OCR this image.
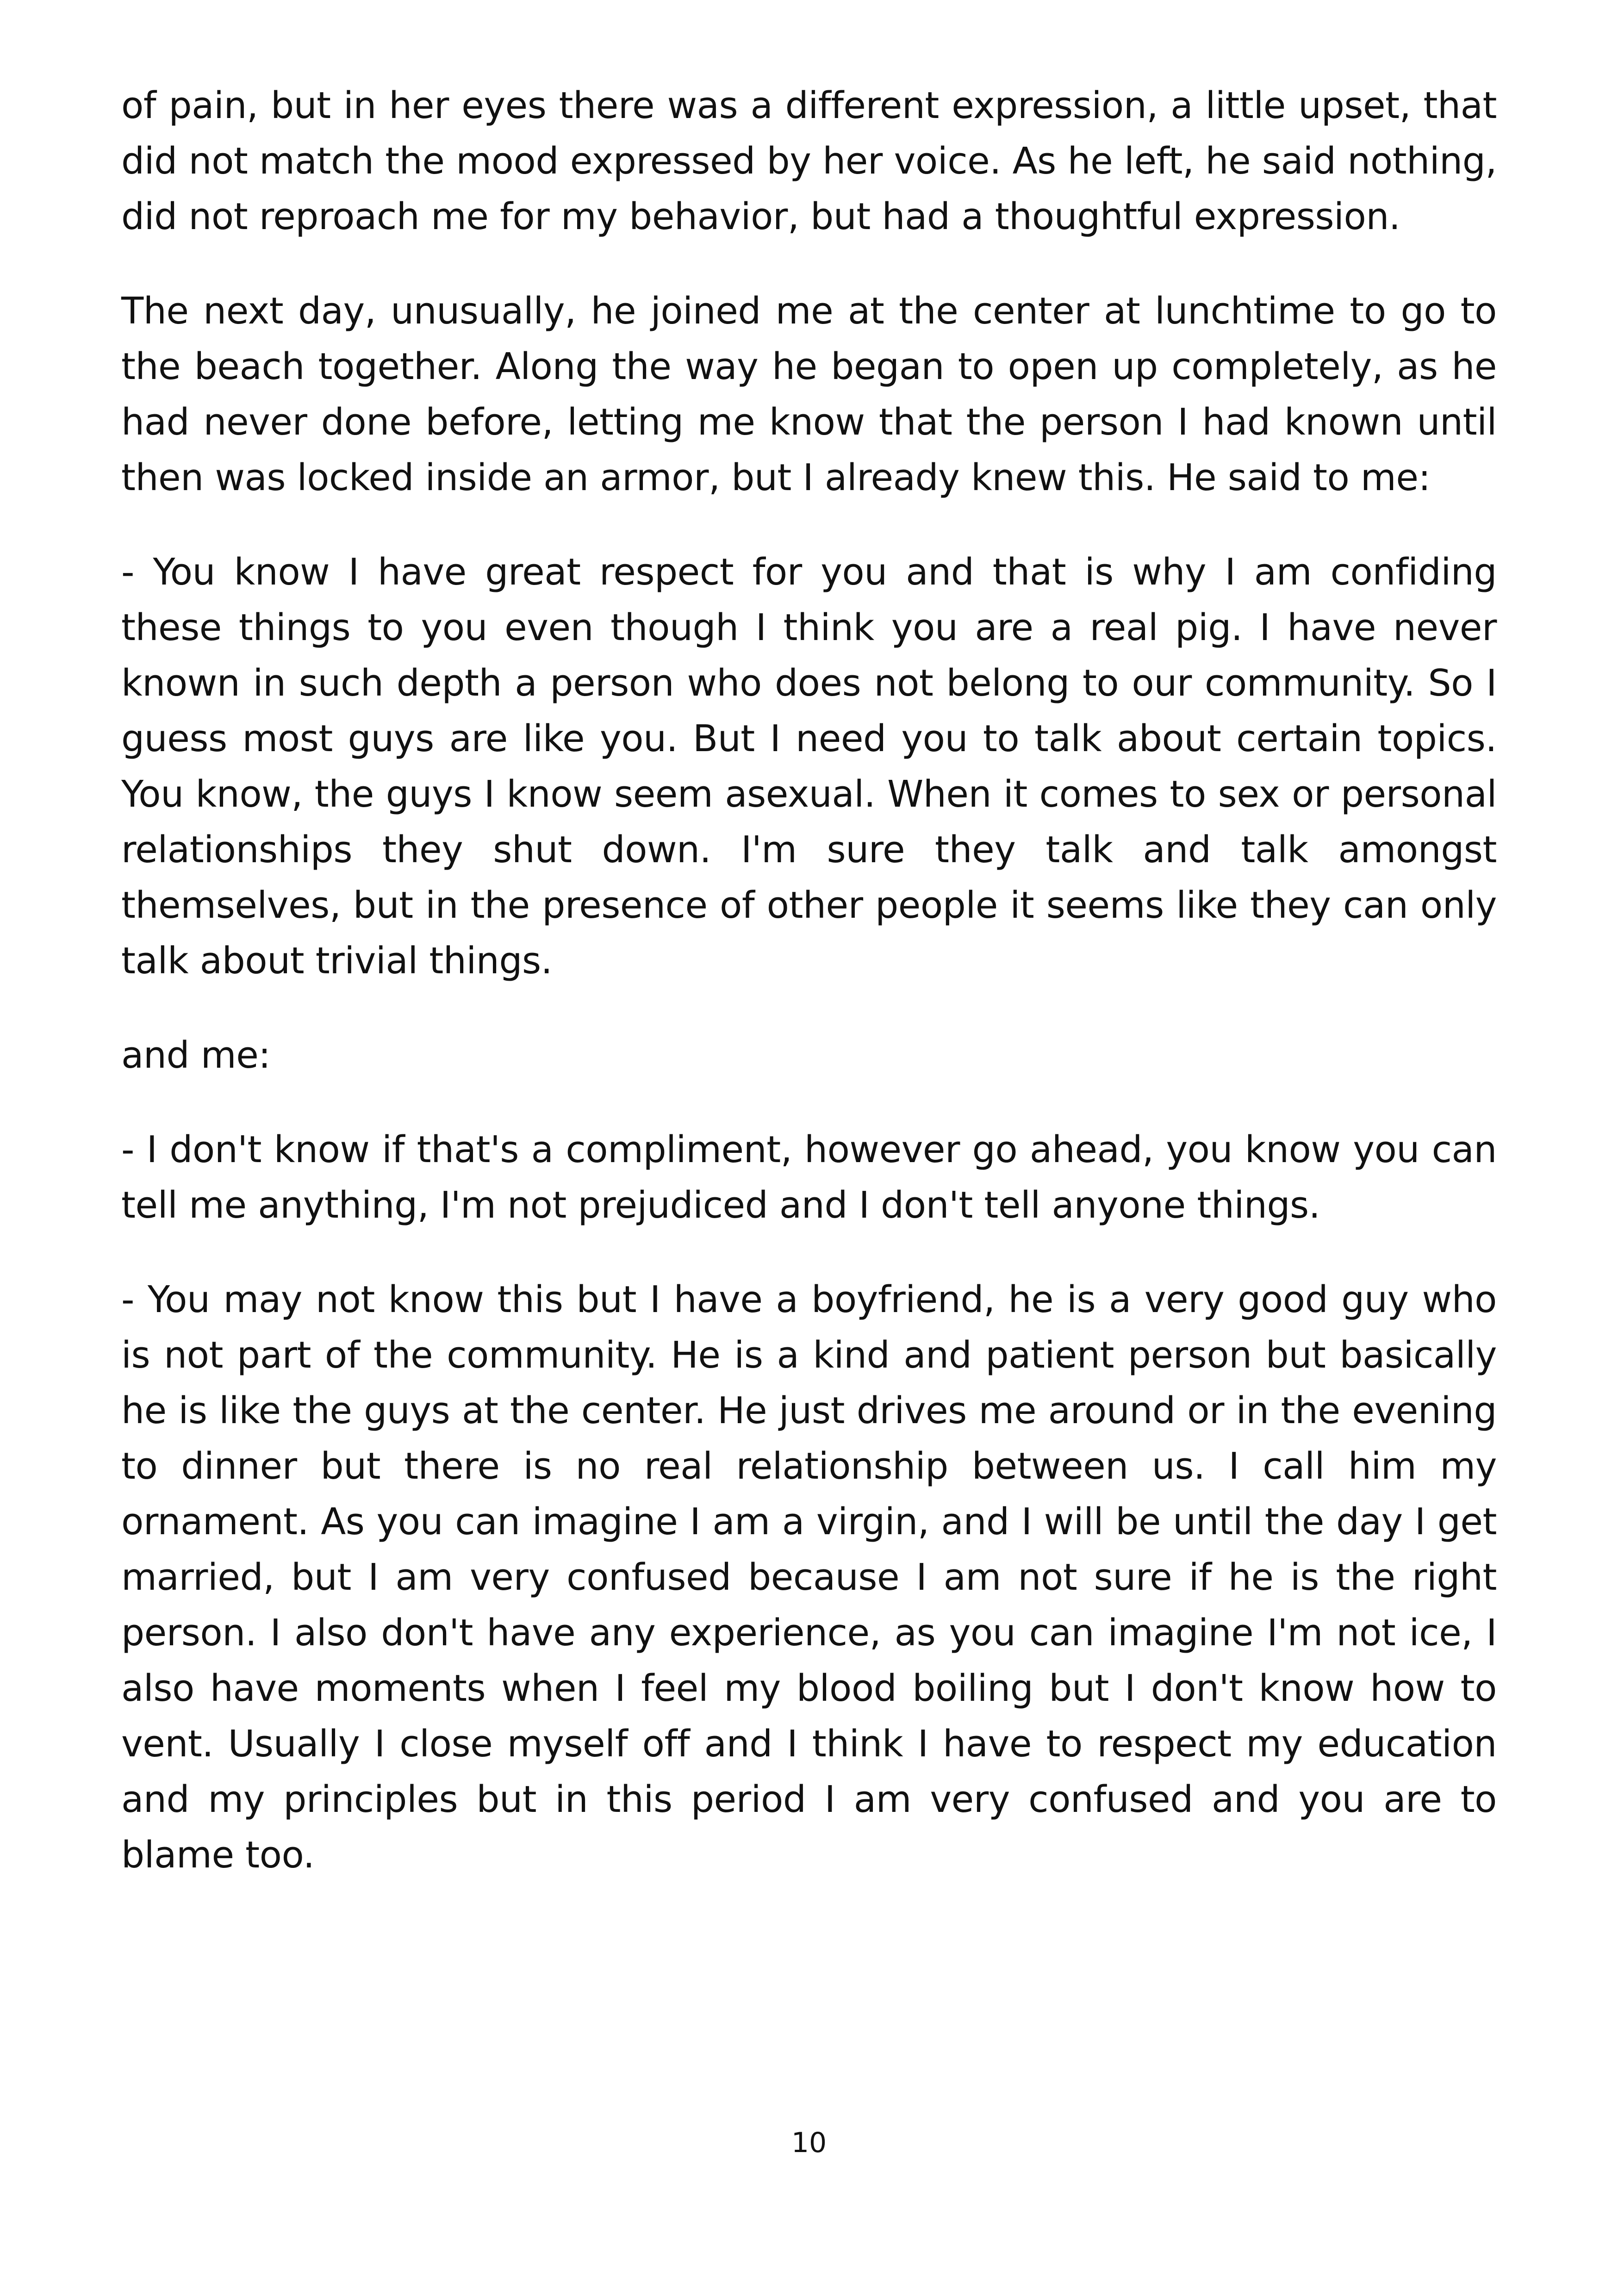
of pain, but in her eyes there was a different expression, a little upset, that did not match the mood expressed by her voice. As he left, he said nothing, did not reproach me for my behavior, but had a thoughtful expression.

The next day, unusually, he joined me at the center at lunchtime to go to the beach together. Along the way he began to open up completely, as he had never done before, letting me know that the person I had known until then was locked inside an armor, but I already knew this. He said to me:

- You know I have great respect for you and that is why I am confiding these things to you even though I think you are a real pig. I have never known in such depth a person who does not belong to our community. So I guess most guys are like you. But I need you to talk about certain topics. You know, the guys I know seem asexual. When it comes to sex or personal relationships they shut down. I'm sure they talk and talk amongst themselves, but in the presence of other people it seems like they can only talk about trivial things.

and me:

- I don't know if that's a compliment, however go ahead, you know you can tell me anything, I'm not prejudiced and I don't tell anyone things.

- You may not know this but I have a boyfriend, he is a very good guy who is not part of the community. He is a kind and patient person but basically he is like the guys at the center. He just drives me around or in the evening to dinner but there is no real relationship between us. I call him my ornament. As you can imagine I am a virgin, and I will be until the day I get married, but I am very confused because I am not sure if he is the right person. I also don't have any experience, as you can imagine I'm not ice, I also have moments when I feel my blood boiling but I don't know how to vent. Usually I close myself off and I think I have to respect my education and my principles but in this period I am very confused and you are to blame too.

10
